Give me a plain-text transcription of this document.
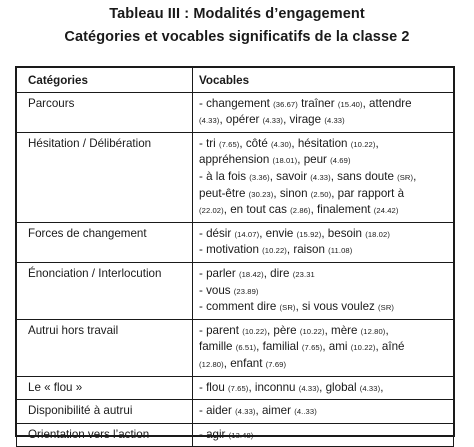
Tableau III : Modalités d’engagement
Catégories et vocables significatifs de la classe 2
Catégories	Vocables
Parcours	- changement (36.67) traîner (15.40), attendre
(4.33), opérer (4.33), virage (4.33)

Hésitation / Délibération	- tri (7.65), côté (4.30), hésitation (10.22),
appréhension (18.01), peur (4.69)
- à la fois (3.36), savoir (4.33), sans doute (SR),
peut-être (30.23), sinon (2.50), par rapport à
(22.02), en tout cas (2.86), finalement (24.42)

Forces de changement	- désir (14.07), envie (15.92), besoin (18.02)
- motivation (10.22), raison (11.08)

Énonciation / Interlocution	- parler (18.42), dire (23.31
- vous (23.89)
- comment dire (SR), si vous voulez (SR)

Autrui hors travail	- parent (10.22), père (10.22), mère (12.80),
famille (6.51), familial (7.65), ami (10.22), aîné
(12.80), enfant (7.69)

Le « flou »	- flou (7.65), inconnu (4.33), global (4.33),

Disponibilité à autrui	- aider (4.33), aimer (4..33)

Orientation vers l’action	- agir (13.48)
